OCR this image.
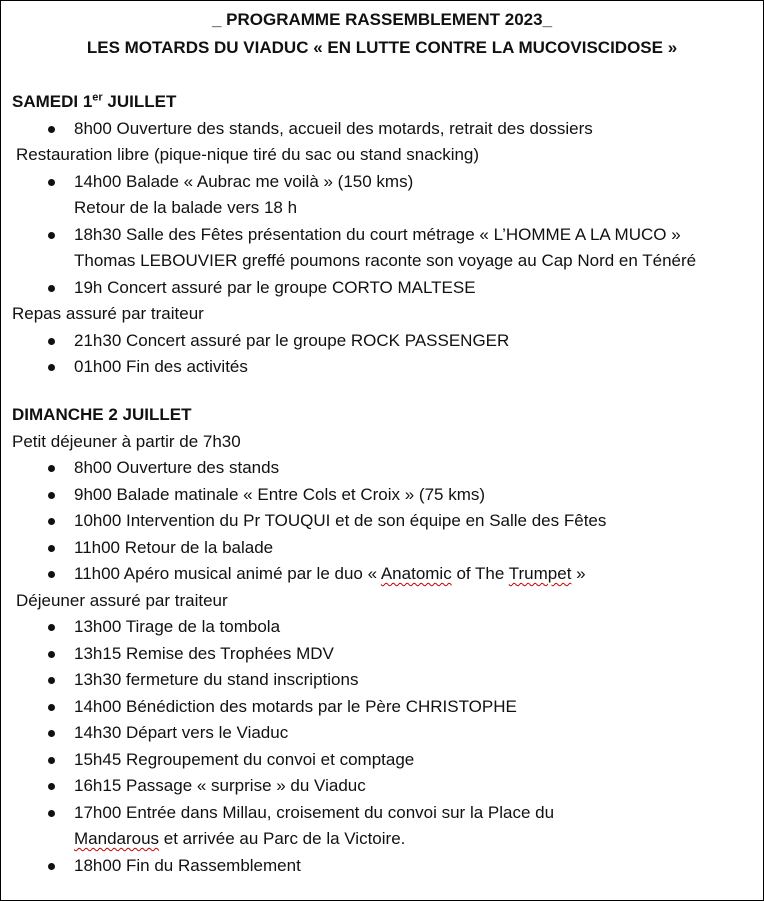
_ PROGRAMME RASSEMBLEMENT 2023_
LES MOTARDS DU VIADUC « EN LUTTE CONTRE LA MUCOVISCIDOSE »
SAMEDI 1er JUILLET
8h00 Ouverture des stands, accueil des motards, retrait des dossiers
Restauration libre (pique-nique tiré du sac ou stand snacking)
14h00 Balade « Aubrac me voilà » (150 kms)
Retour de la balade vers 18 h
18h30 Salle des Fêtes présentation du court métrage « L’HOMME A LA MUCO »
Thomas LEBOUVIER greffé poumons raconte son voyage au Cap Nord en Ténéré
19h Concert assuré par le groupe CORTO MALTESE
Repas assuré par traiteur
21h30 Concert assuré par le groupe ROCK PASSENGER
01h00 Fin des activités
DIMANCHE 2 JUILLET
Petit déjeuner à partir de 7h30
8h00 Ouverture des stands
9h00 Balade matinale « Entre Cols et Croix » (75 kms)
10h00 Intervention du Pr TOUQUI et de son équipe en Salle des Fêtes
11h00 Retour de la balade
11h00 Apéro musical animé par le duo « Anatomic of The Trumpet »
Déjeuner assuré par traiteur
13h00 Tirage de la tombola
13h15 Remise des Trophées MDV
13h30 fermeture du stand inscriptions
14h00 Bénédiction des motards par le Père CHRISTOPHE
14h30 Départ vers le Viaduc
15h45 Regroupement du convoi et comptage
16h15 Passage « surprise » du Viaduc
17h00 Entrée dans Millau, croisement du convoi sur la Place du
Mandarous et arrivée au Parc de la Victoire.
18h00 Fin du Rassemblement
